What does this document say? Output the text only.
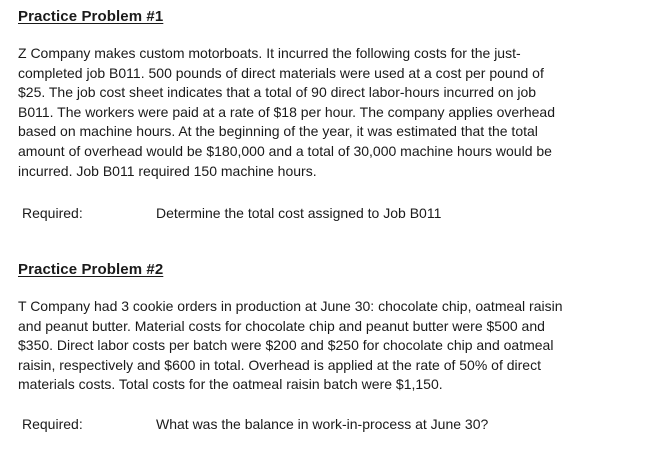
Practice Problem #1
Z Company makes custom motorboats. It incurred the following costs for the just-
completed job B011. 500 pounds of direct materials were used at a cost per pound of
$25. The job cost sheet indicates that a total of 90 direct labor-hours incurred on job
B011. The workers were paid at a rate of $18 per hour. The company applies overhead
based on machine hours. At the beginning of the year, it was estimated that the total
amount of overhead would be $180,000 and a total of 30,000 machine hours would be
incurred. Job B011 required 150 machine hours.
Required:	Determine the total cost assigned to Job B011
Practice Problem #2
T Company had 3 cookie orders in production at June 30: chocolate chip, oatmeal raisin
and peanut butter. Material costs for chocolate chip and peanut butter were $500 and
$350. Direct labor costs per batch were $200 and $250 for chocolate chip and oatmeal
raisin, respectively and $600 in total. Overhead is applied at the rate of 50% of direct
materials costs. Total costs for the oatmeal raisin batch were $1,150.
Required:	What was the balance in work-in-process at June 30?
